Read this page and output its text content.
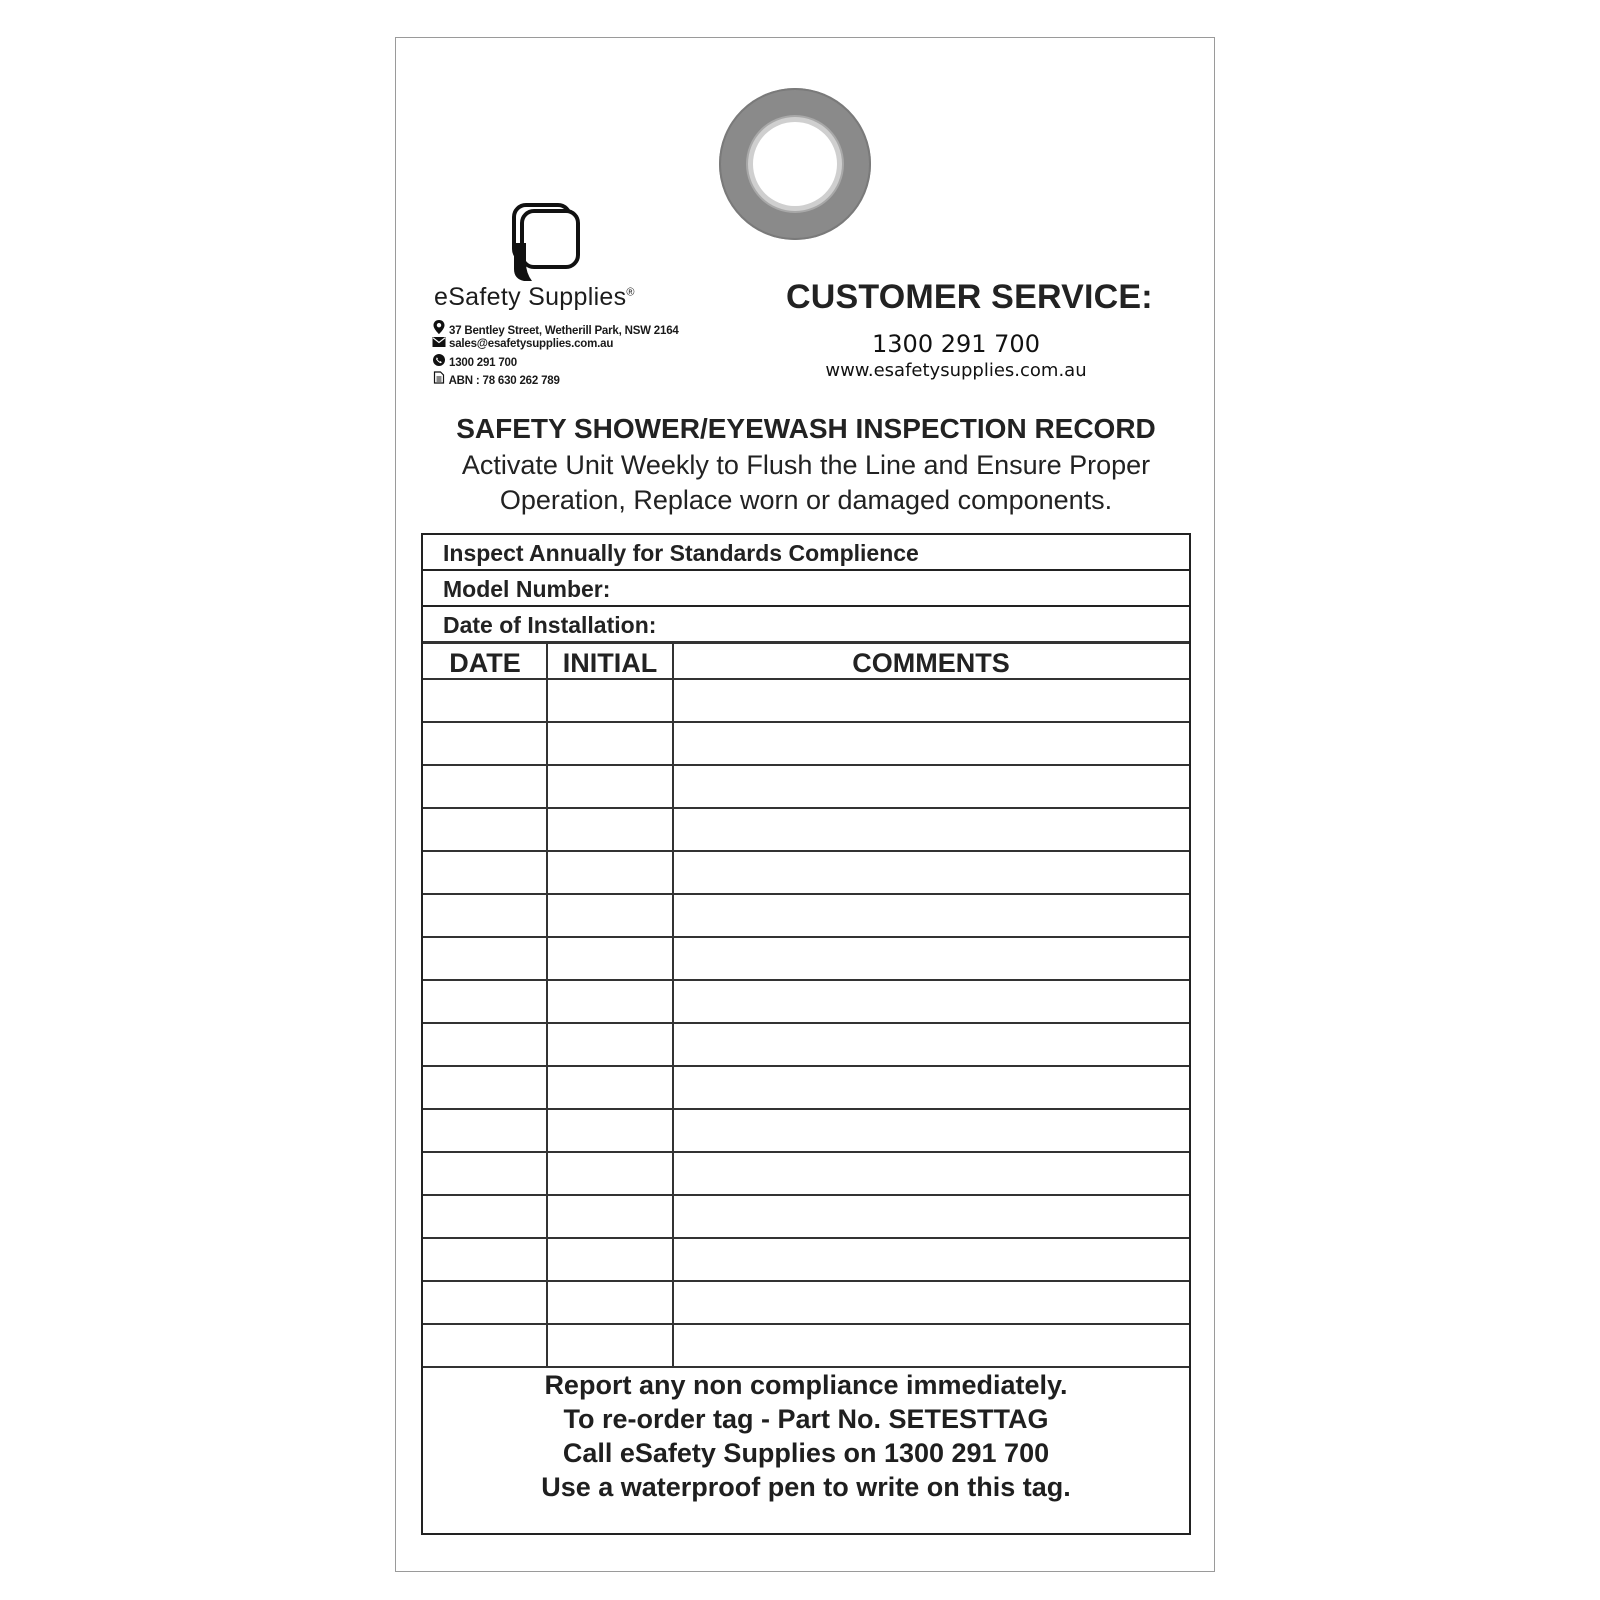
eSafety Supplies®
37 Bentley Street, Wetherill Park, NSW 2164
sales@esafetysupplies.com.au
1300 291 700
ABN : 78 630 262 789
CUSTOMER SERVICE:
1300 291 700
www.esafetysupplies.com.au
SAFETY SHOWER/EYEWASH INSPECTION RECORD
Activate Unit Weekly to Flush the Line and Ensure Proper
Operation, Replace worn or damaged components.
Inspect Annually for Standards Complience
Model Number:
Date of Installation:
DATE	INITIAL	COMMENTS
Report any non compliance immediately.
To re-order tag - Part No. SETESTTAG
Call eSafety Supplies on 1300 291 700
Use a waterproof pen to write on this tag.
